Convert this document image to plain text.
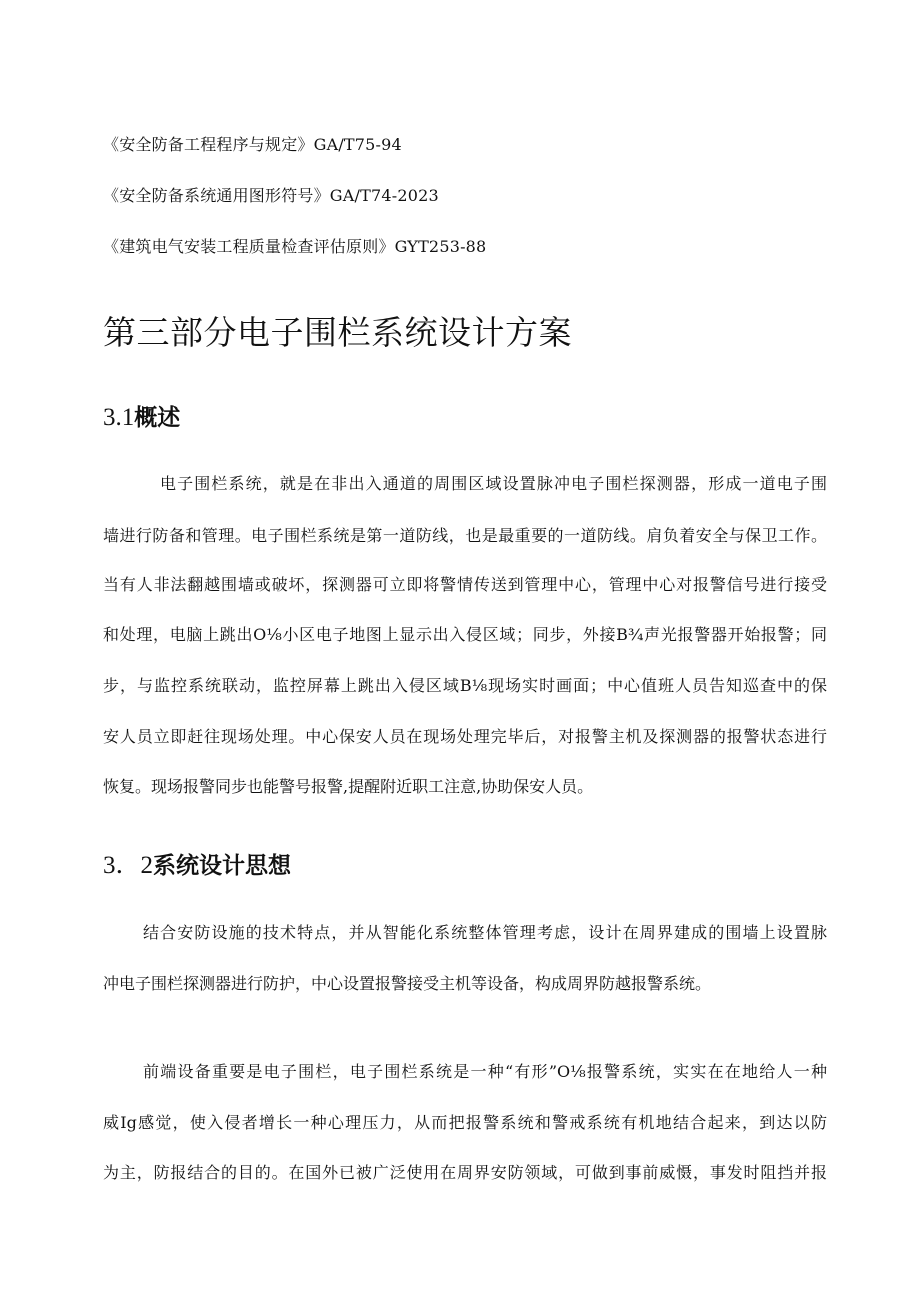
《安全防备工程程序与规定》GA/T75-94
《安全防备系统通用图形符号》GA/T74-2023
《建筑电气安装工程质量检查评估原则》GYT253-88
第三部分电子围栏系统设计方案
3.1概述
电子围栏系统，就是在非出入通道的周围区域设置脉冲电子围栏探测器，形成一道电子围
墙进行防备和管理。电子围栏系统是第一道防线，也是最重要的一道防线。肩负着安全与保卫工作。
当有人非法翻越围墙或破坏，探测器可立即将警情传送到管理中心，管理中心对报警信号进行接受
和处理，电脑上跳出O⅛小区电子地图上显示出入侵区域；同步，外接B¾声光报警器开始报警；同
步，与监控系统联动，监控屏幕上跳出入侵区域B⅛现场实时画面；中心值班人员告知巡查中的保
安人员立即赶往现场处理。中心保安人员在现场处理完毕后，对报警主机及探测器的报警状态进行
恢复。现场报警同步也能警号报警,提醒附近职工注意,协助保安人员。
3．2系统设计思想
结合安防设施的技术特点，并从智能化系统整体管理考虑，设计在周界建成的围墙上设置脉
冲电子围栏探测器进行防护，中心设置报警接受主机等设备，构成周界防越报警系统。
前端设备重要是电子围栏，电子围栏系统是一种“有形”O⅛报警系统，实实在在地给人一种
威Ig感觉，使入侵者增长一种心理压力，从而把报警系统和警戒系统有机地结合起来，到达以防
为主，防报结合的目的。在国外已被广泛使用在周界安防领域，可做到事前威慑，事发时阻挡并报
